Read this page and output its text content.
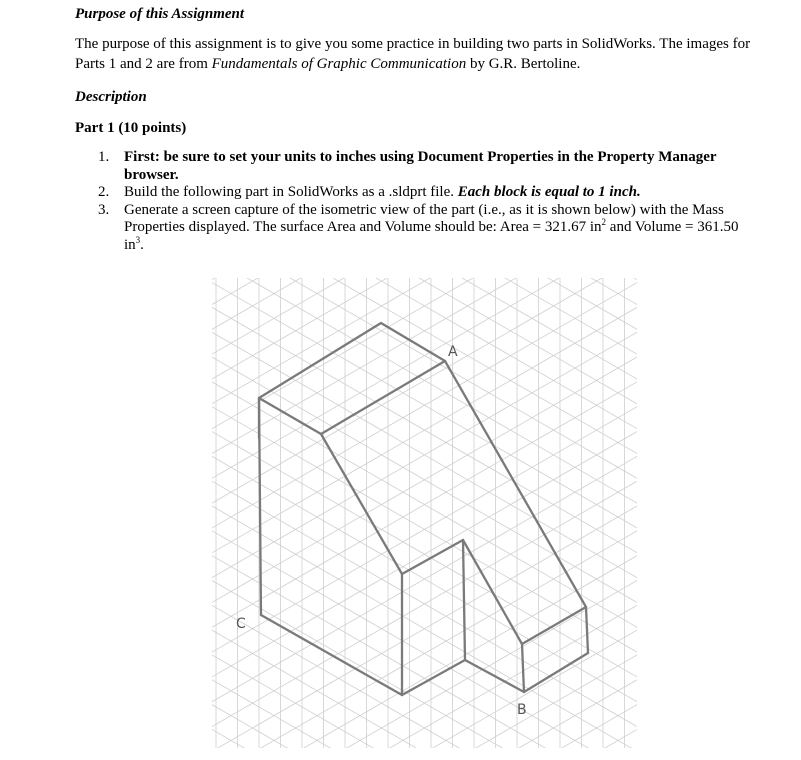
Purpose of this Assignment

The purpose of this assignment is to give you some practice in building two parts in SolidWorks. The images for Parts 1 and 2 are from Fundamentals of Graphic Communication by G.R. Bertoline.

Description

Part 1 (10 points)

1. First: be sure to set your units to inches using Document Properties in the Property Manager browser.
2. Build the following part in SolidWorks as a .sldprt file. Each block is equal to 1 inch.
3. Generate a screen capture of the isometric view of the part (i.e., as it is shown below) with the Mass Properties displayed. The surface Area and Volume should be: Area = 321.67 $in^2$ and Volume = 361.50 $in^3$.
A
B
C
